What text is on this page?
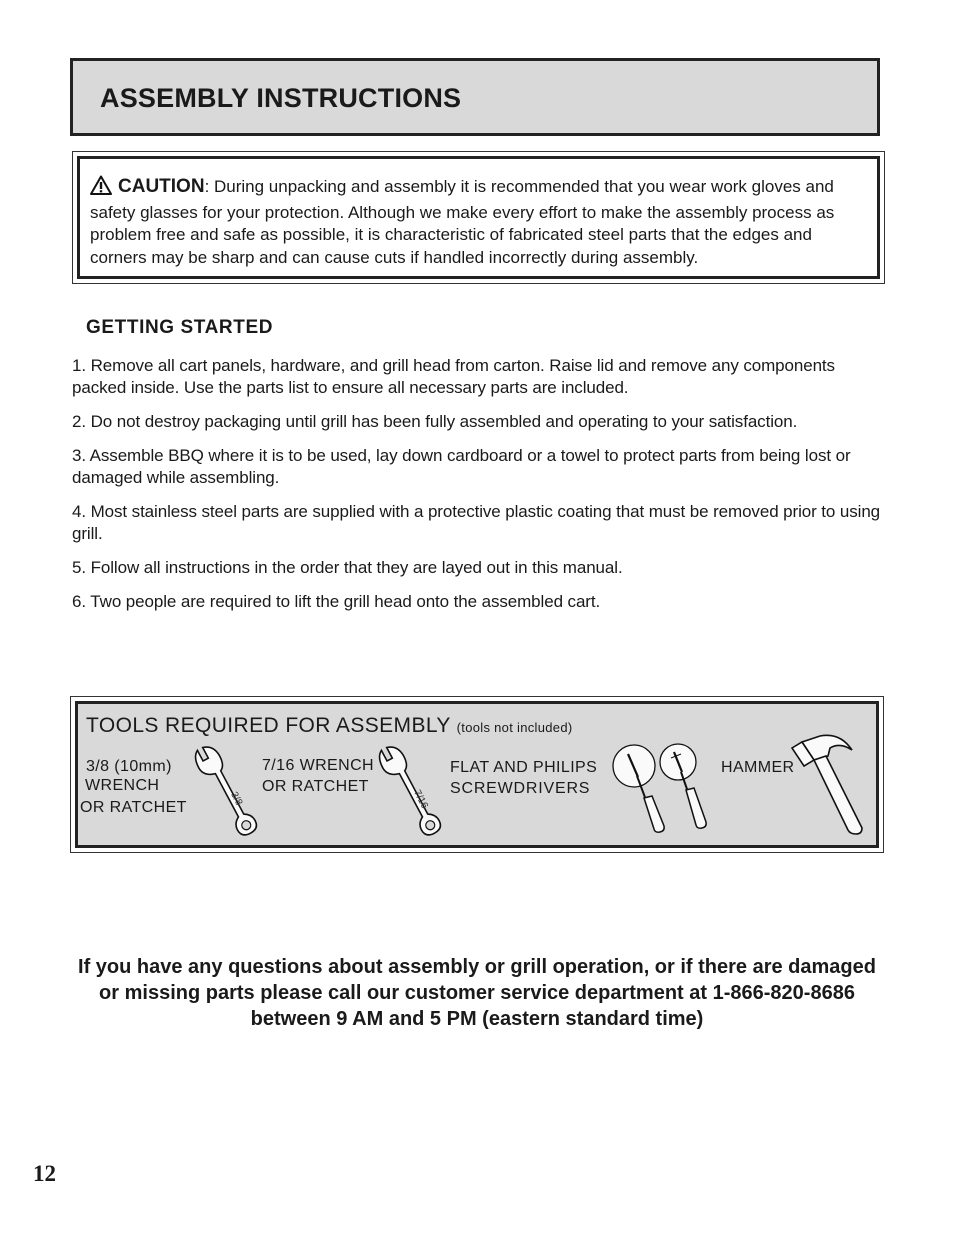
ASSEMBLY INSTRUCTIONS
CAUTION: During unpacking and assembly it is recommended that you wear work gloves and safety glasses for your protection. Although we make every effort to make the assembly process as problem free and safe as possible, it is characteristic of fabricated steel parts that the edges and corners may be sharp and can cause cuts if handled incorrectly during assembly.
GETTING STARTED
1. Remove all cart panels, hardware, and grill head from carton. Raise lid and remove any components packed inside. Use the parts list to ensure all necessary parts are included.
2. Do not destroy packaging until grill has been fully assembled and operating to your satisfaction.
3. Assemble BBQ where it is to be used, lay down cardboard or a towel to protect parts from being lost or damaged while assembling.
4. Most stainless steel parts are supplied with a protective plastic coating that must be removed prior to using grill.
5. Follow all instructions in the order that they are layed out in this manual.
6. Two people are required to lift the grill head onto the assembled cart.
TOOLS REQUIRED FOR ASSEMBLY (tools not included)
3/8 (10mm)
WRENCH
OR RATCHET	3/8
7/16 WRENCH
OR RATCHET
7/16
FLAT AND PHILIPS
SCREWDRIVERS
HAMMER

If you have any questions about assembly or grill operation, or if there are damaged or missing parts please call our customer service department at 1-866-820-8686 between 9 AM and 5 PM (eastern standard time)

12
